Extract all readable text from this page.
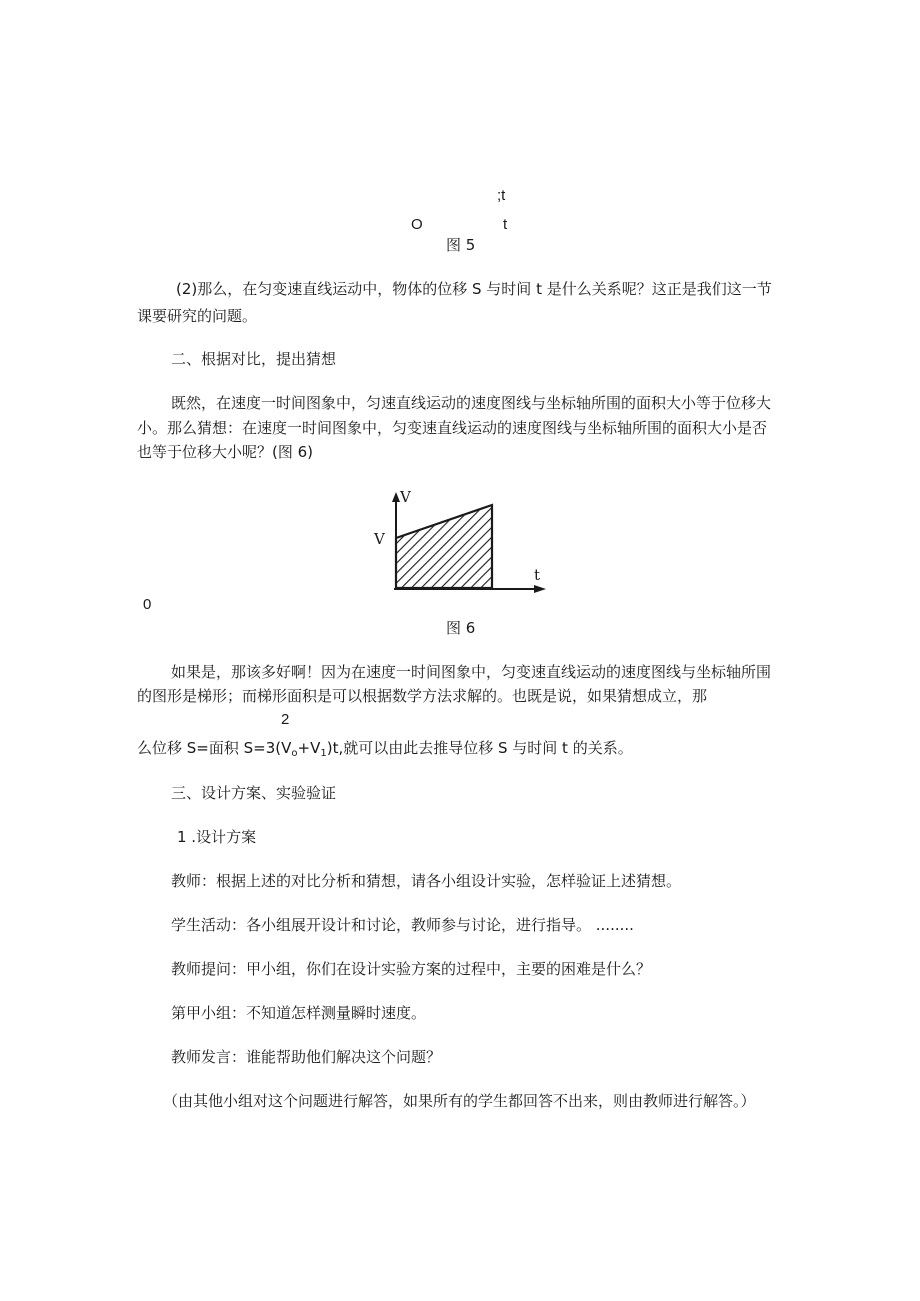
;t
O	t
图 5
(2)那么，在匀变速直线运动中，物体的位移 S 与时间 t 是什么关系呢？这正是我们这一节
课要研究的问题。
二、根据对比，提出猜想
既然，在速度一时间图象中，匀速直线运动的速度图线与坐标轴所围的面积大小等于位移大
小。那么猜想：在速度一时间图象中，匀变速直线运动的速度图线与坐标轴所围的面积大小是否
也等于位移大小呢？(图 6)
V
V
t
0
图 6
如果是，那该多好啊！因为在速度一时间图象中，匀变速直线运动的速度图线与坐标轴所围
的图形是梯形；而梯形面积是可以根据数学方法求解的。也既是说，如果猜想成立，那
2
么位移 S=面积 $S=3(V_o+V_1)t$,就可以由此去推导位移 S 与时间 t 的关系。
三、设计方案、实验验证
1 .设计方案
教师：根据上述的对比分析和猜想，请各小组设计实验，怎样验证上述猜想。
学生活动：各小组展开设计和讨论，教师参与讨论，进行指导。 ........
教师提问：甲小组，你们在设计实验方案的过程中，主要的困难是什么？
第甲小组：不知道怎样测量瞬时速度。
教师发言：谁能帮助他们解决这个问题？
（由其他小组对这个问题进行解答，如果所有的学生都回答不出来，则由教师进行解答。）
